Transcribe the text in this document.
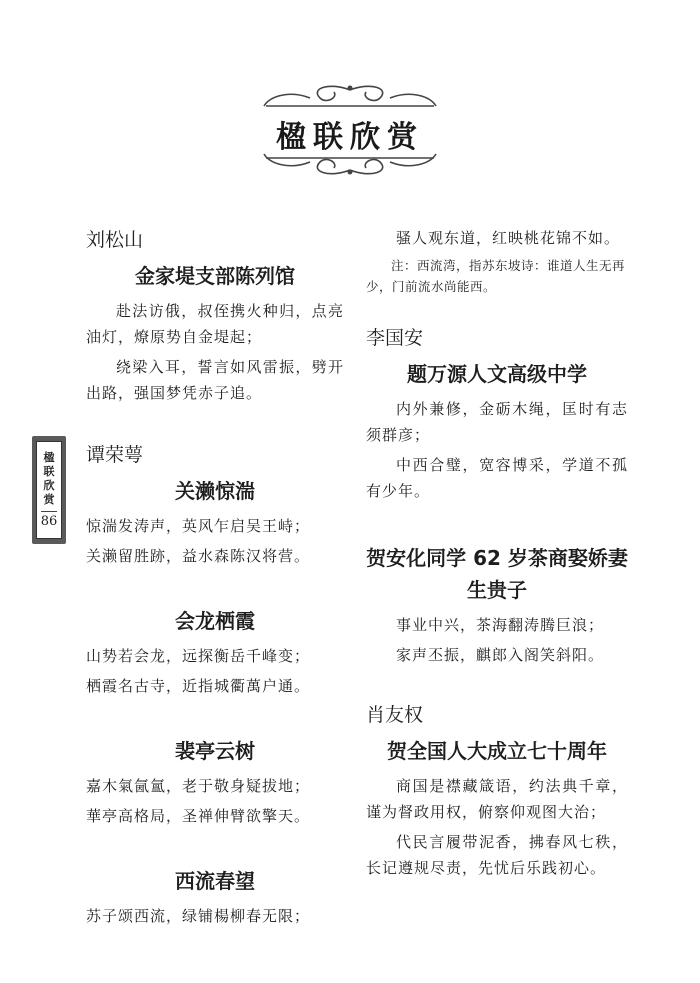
楹联欣赏
楹
联
欣
赏
86
刘松山
金家堤支部陈列馆

赴法访俄，叔侄携火种归，点亮油灯，燎原势自金堤起；

绕梁入耳，誓言如风雷振，劈开出路，强国梦凭赤子追。

谭荣萼
关濑惊湍

惊湍发涛声，英风乍启吴王峙；

关濑留胜跡，益水森陈汉将营。

会龙栖霞

山势若会龙，远探衡岳千峰变；

栖霞名古寺，近指城衢萬户通。

裴亭云树

嘉木氣氤氳，老于敬身疑拔地；

華亭高格局，圣禅伸臂欲擎天。

西流春望

苏子颂西流，绿铺楊柳春无限；

骚人观东道，红映桃花锦不如。

注：西流湾，指苏东坡诗：谁道人生无再少，门前流水尚能西。

李国安
题万源人文高级中学

内外兼修，金砺木绳，匡时有志须群彦；

中西合璧，宽容博采，学道不孤有少年。

贺安化同学 62 岁茶商娶娇妻生贵子

事业中兴，茶海翻涛腾巨浪；

家声丕振，麒郎入阁笑斜阳。

肖友权
贺全国人大成立七十周年

商国是襟藏箴语，约法典千章，谨为督政用权，俯察仰观图大治；

代民言履带泥香，拂春风七秩，长记遵规尽责，先忧后乐践初心。
